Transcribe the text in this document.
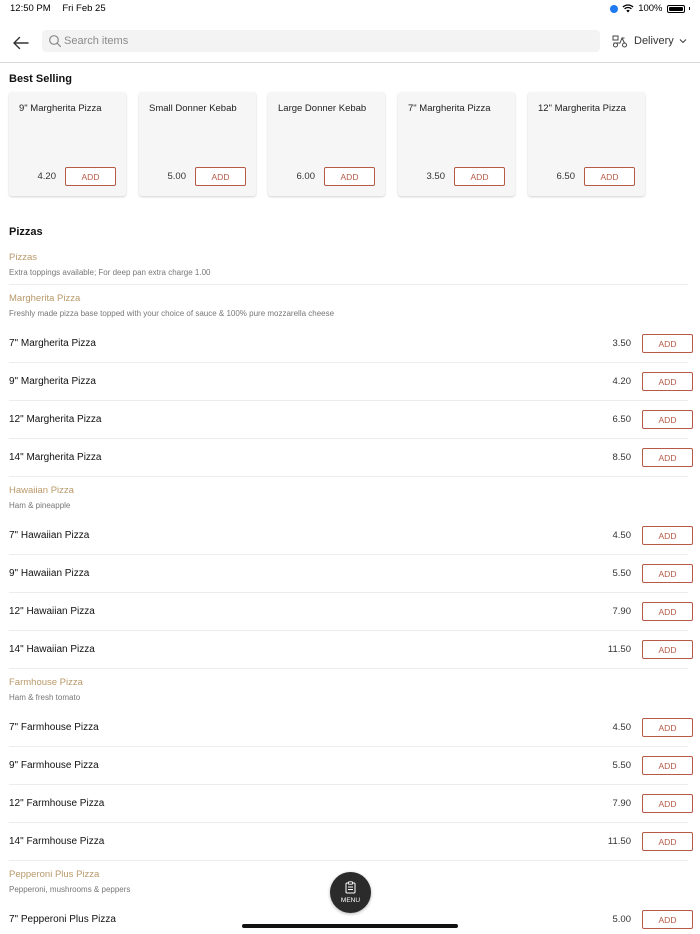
12:50 PM Fri Feb 25	100%
Search items
Delivery
Best Selling
9" Margherita Pizza
4.20	ADD
Small Donner Kebab
5.00	ADD
Large Donner Kebab
6.00	ADD
7" Margherita Pizza
3.50	ADD
12" Margherita Pizza
6.50	ADD
Pizzas
Pizzas
Extra toppings available; For deep pan extra charge 1.00
Margherita Pizza
Freshly made pizza base topped with your choice of sauce & 100% pure mozzarella cheese
7" Margherita Pizza	3.50	ADD
9" Margherita Pizza	4.20	ADD
12" Margherita Pizza	6.50	ADD
14" Margherita Pizza	8.50	ADD
Hawaiian Pizza
Ham & pineapple
7" Hawaiian Pizza	4.50	ADD
9" Hawaiian Pizza	5.50	ADD
12" Hawaiian Pizza	7.90	ADD
14" Hawaiian Pizza	11.50	ADD
Farmhouse Pizza
Ham & fresh tomato
7" Farmhouse Pizza	4.50	ADD
9" Farmhouse Pizza	5.50	ADD
12" Farmhouse Pizza	7.90	ADD
14" Farmhouse Pizza	11.50	ADD
Pepperoni Plus Pizza
Pepperoni, mushrooms & peppers
7" Pepperoni Plus Pizza	5.00	ADD
MENU
